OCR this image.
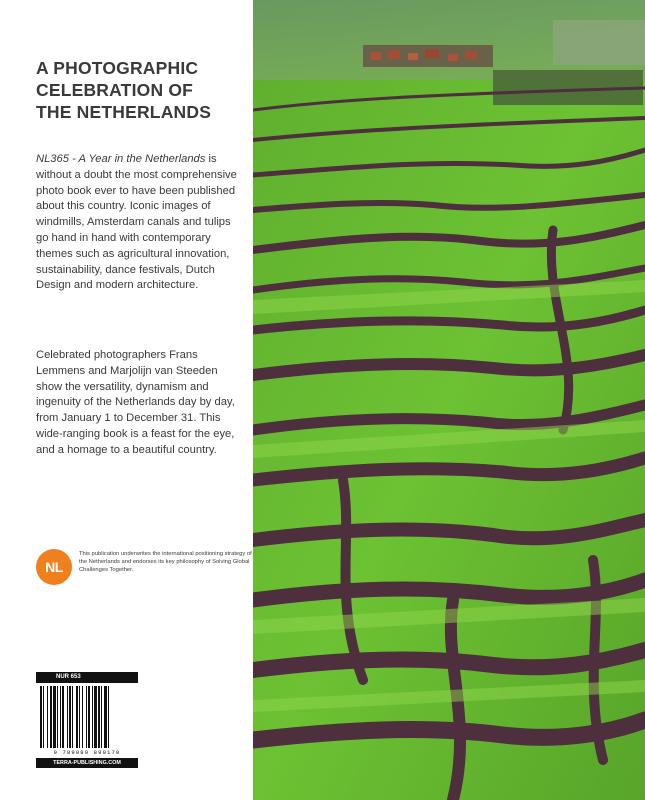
A PHOTOGRAPHIC
CELEBRATION OF
THE NETHERLANDS

NL365 - A Year in the Netherlands is without a doubt the most comprehensive photo book ever to have been published about this country. Iconic images of windmills, Amsterdam canals and tulips go hand in hand with contemporary themes such as agricultural innovation, sustainability, dance festivals, Dutch Design and modern architecture.

Celebrated photographers Frans Lemmens and Marjolijn van Steeden show the versatility, dynamism and ingenuity of the Netherlands day by day, from January 1 to December 31. This wide-ranging book is a feast for the eye, and a homage to a beautiful country.

NL

This publication underwrites the international positioning strategy of the Netherlands and endorses its key philosophy of Solving Global Challenges Together.

NUR 653
9 789089 899170
TERRA-PUBLISHING.COM
